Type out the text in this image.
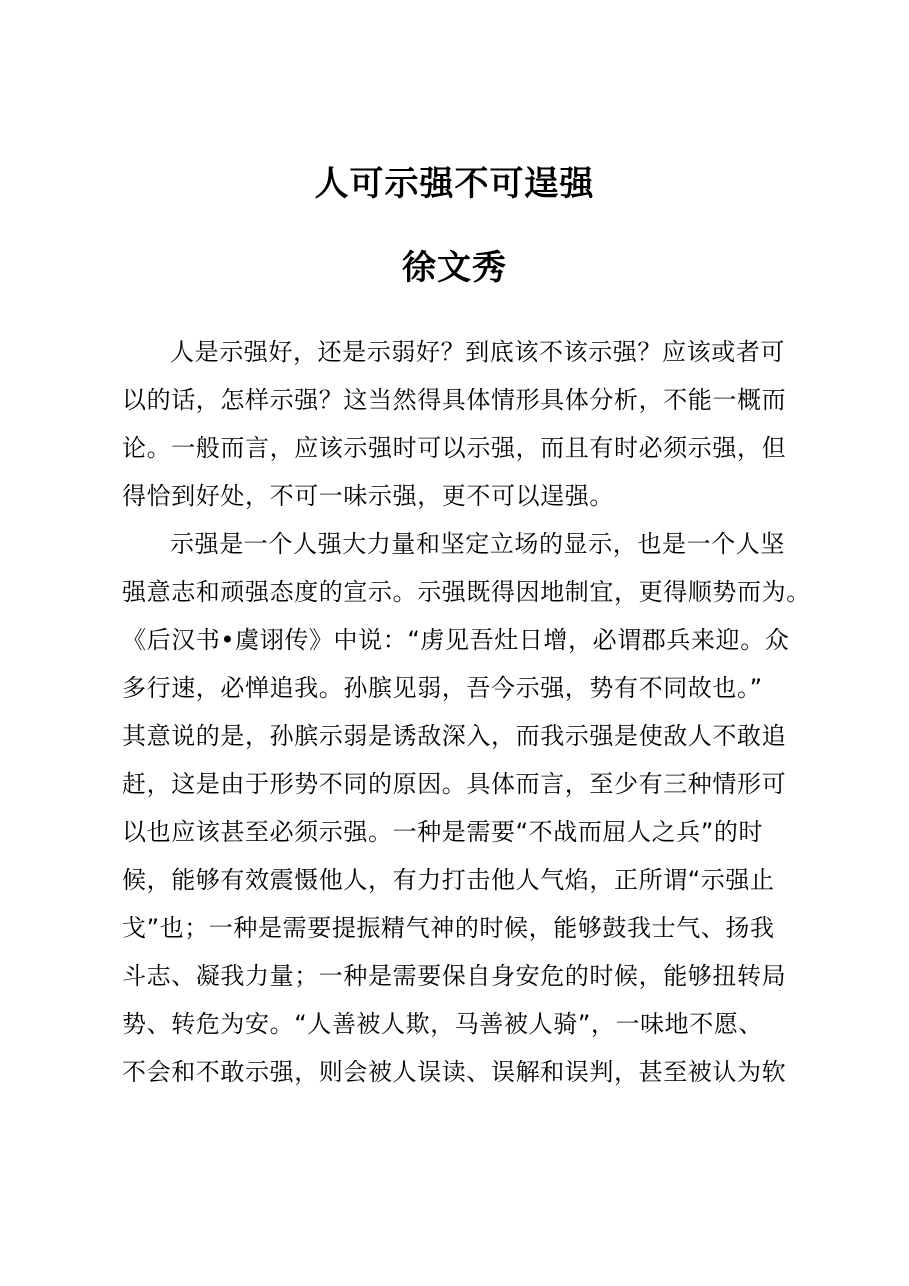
人可示强不可逞强
徐文秀
人是示强好，还是示弱好？到底该不该示强？应该或者可
以的话，怎样示强？这当然得具体情形具体分析，不能一概而
论。一般而言，应该示强时可以示强，而且有时必须示强，但
得恰到好处，不可一味示强，更不可以逞强。
示强是一个人强大力量和坚定立场的显示，也是一个人坚
强意志和顽强态度的宣示。示强既得因地制宜，更得顺势而为。
《后汉书•虞诩传》中说：“虏见吾灶日增，必谓郡兵来迎。众
多行速，必惮追我。孙膑见弱，吾今示强，势有不同故也。”
其意说的是，孙膑示弱是诱敌深入，而我示强是使敌人不敢追
赶，这是由于形势不同的原因。具体而言，至少有三种情形可
以也应该甚至必须示强。一种是需要“不战而屈人之兵”的时
候，能够有效震慑他人，有力打击他人气焰，正所谓“示强止
戈”也；一种是需要提振精气神的时候，能够鼓我士气、扬我
斗志、凝我力量；一种是需要保自身安危的时候，能够扭转局
势、转危为安。“人善被人欺，马善被人骑”，一味地不愿、
不会和不敢示强，则会被人误读、误解和误判，甚至被认为软
